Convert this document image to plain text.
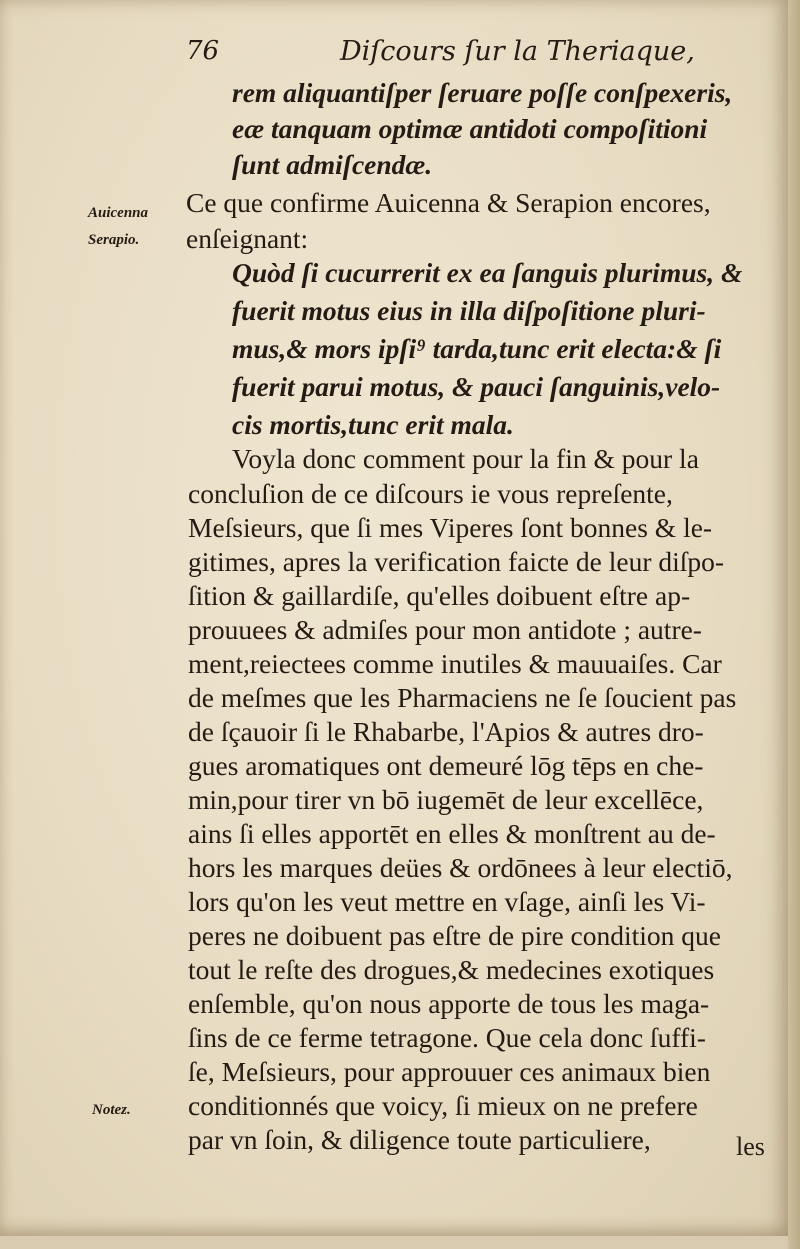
76	Diſcours ſur la Theriaque,
rem aliquantiſper ſeruare poſſe conſpexeris,
eæ tanquam optimæ antidoti compoſitioni
ſunt admiſcendæ.
Ce que confirme Auicenna & Serapion encores,
enſeignant:
Quòd ſi cucurrerit ex ea ſanguis plurimus, &
fuerit motus eius in illa diſpoſitione pluri-
mus,& mors ipſi⁹ tarda,tunc erit electa:& ſi
fuerit parui motus, & pauci ſanguinis,velo-
cis mortis,tunc erit mala.
Voyla donc comment pour la fin & pour la
concluſion de ce diſcours ie vous repreſente,
Meſsieurs, que ſi mes Viperes ſont bonnes & le-
gitimes, apres la verification faicte de leur diſpo-
ſition & gaillardiſe, qu'elles doibuent eſtre ap-
prouuees & admiſes pour mon antidote ; autre-
ment,reiectees comme inutiles & mauuaiſes. Car
de meſmes que les Pharmaciens ne ſe ſoucient pas
de ſçauoir ſi le Rhabarbe, l'Apios & autres dro-
gues aromatiques ont demeuré lōg tēps en che-
min,pour tirer vn bō iugemēt de leur excellēce,
ains ſi elles apportēt en elles & monſtrent au de-
hors les marques deües & ordōnees à leur electiō,
lors qu'on les veut mettre en vſage, ainſi les Vi-
peres ne doibuent pas eſtre de pire condition que
tout le reſte des drogues,& medecines exotiques
enſemble, qu'on nous apporte de tous les maga-
ſins de ce ferme tetragone. Que cela donc ſuffi-
ſe, Meſsieurs, pour approuuer ces animaux bien
conditionnés que voicy, ſi mieux on ne prefere
par vn ſoin, & diligence toute particuliere,	les
Auicenna
Serapio.
Notez.
